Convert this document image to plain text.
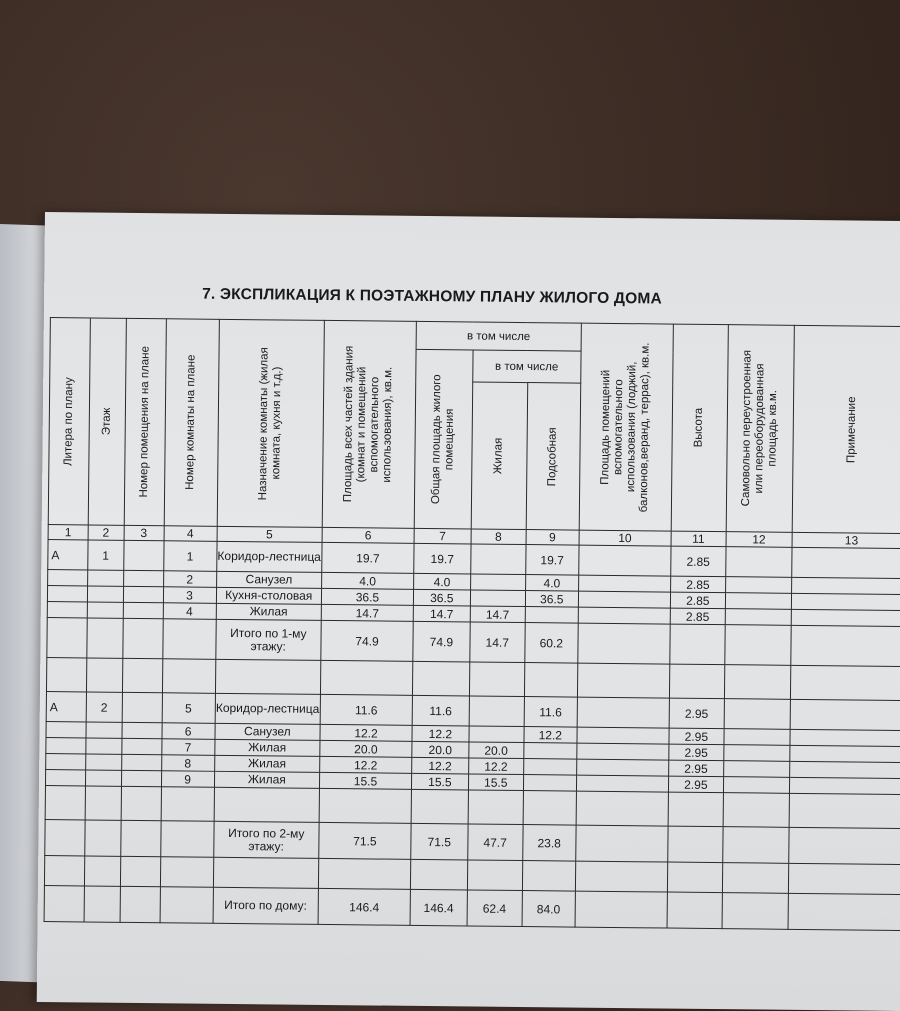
7. ЭКСПЛИКАЦИЯ К ПОЭТАЖНОМУ ПЛАНУ ЖИЛОГО ДОМА
Литера по плану	Этаж	Номер помещения на плане	Номер комнаты на плане	Назначение комнаты (жилая комната, кухня и т.д.)	Площадь всех частей здания (комнат и помещений вспомогательного использования), кв.м.	в том числе			Площадь помещений вспомогательного использования (лоджий, балконов,веранд, террас), кв.м.	Высота	Самовольно переустроенная или переоборудованная площадь кв.м.	Примечание

						Общая площадь жилого помещения	в том числе					

							Жилая	Подсобная				

1	2	3	4	5	6	7	8	9	10	11	12	13
А	1		1	Коридор-лестница	19.7	19.7		19.7		2.85		
			2	Санузел	4.0	4.0		4.0		2.85		
			3	Кухня-столовая	36.5	36.5		36.5		2.85		
			4	Жилая	14.7	14.7	14.7			2.85		
				Итого по 1-му этажу:	74.9	74.9	14.7	60.2				

А	2		5	Коридор-лестница	11.6	11.6		11.6		2.95		
			6	Санузел	12.2	12.2		12.2		2.95		
			7	Жилая	20.0	20.0	20.0			2.95		
			8	Жилая	12.2	12.2	12.2			2.95		
			9	Жилая	15.5	15.5	15.5			2.95		

				Итого по 2-му этажу:	71.5	71.5	47.7	23.8				

				Итого по дому:	146.4	146.4	62.4	84.0				
